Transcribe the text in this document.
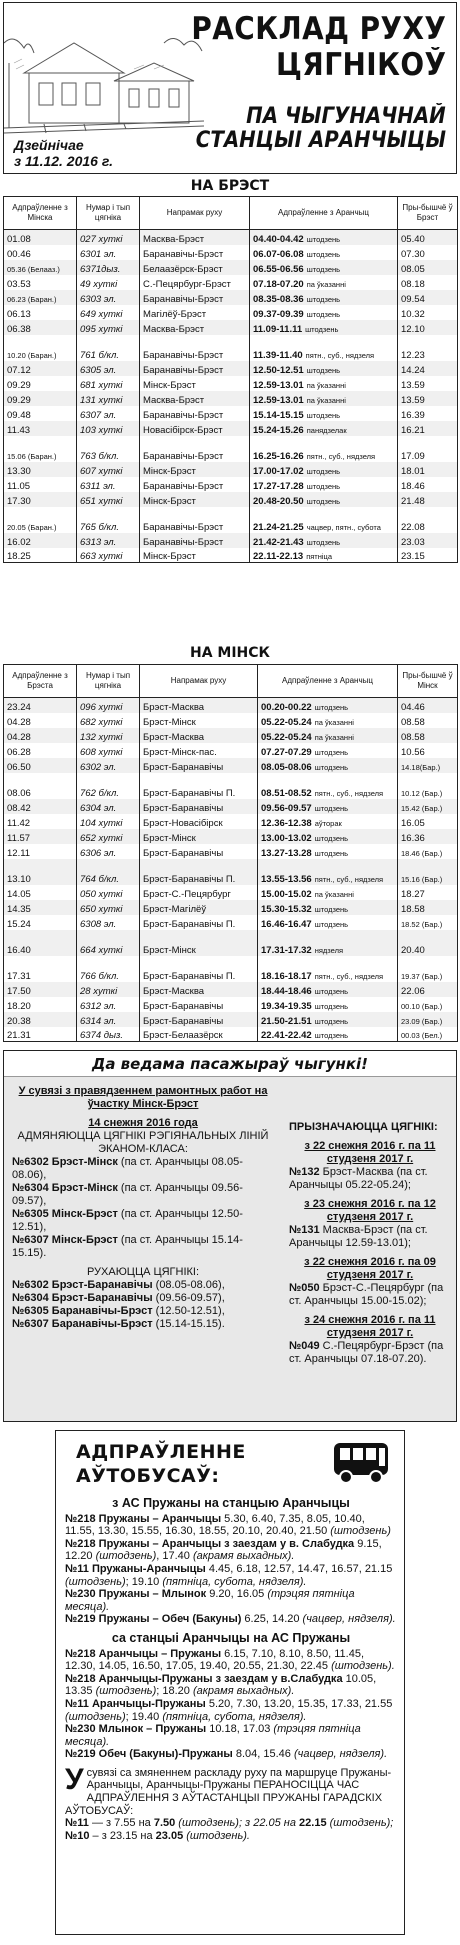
РАСКЛАД РУХУ
ЦЯГНІКОЎ
ПА ЧЫГУНАЧНАЙ
СТАНЦЫІ АРАНЧЫЦЫ
Дзейнічае
з 11.12. 2016 г.
НА БРЭСТ
Адпраўленне з Мінска	Нумар і тып цягніка	Напрамак руху	Адпраўленне з Аранчыц	Пры-бышчё ў Брэст
01.08	027 хуткі	Масква-Брэст	04.40-04.42 штодзень	05.40
00.46	6301 эл.	Баранавічы-Брэст	06.07-06.08 штодзень	07.30
05.36 (Белааз.)	6371дыз.	Белаазёрск-Брэст	06.55-06.56 штодзень	08.05
03.53	49 хуткі	С.-Пецярбург-Брэст	07.18-07.20 па ўказанні	08.18
06.23 (Баран.)	6303 эл.	Баранавічы-Брэст	08.35-08.36 штодзень	09.54
06.13	649 хуткі	Магілёў-Брэст	09.37-09.39 штодзень	10.32
06.38	095 хуткі	Масква-Брэст	11.09-11.11 штодзень	12.10
10.20 (Баран.)	761 б/кл.	Баранавічы-Брэст	11.39-11.40 пятн., суб., нядзеля	12.23
07.12	6305 эл.	Баранавічы-Брэст	12.50-12.51 штодзень	14.24
09.29	681 хуткі	Мінск-Брэст	12.59-13.01 па ўказанні	13.59
09.29	131 хуткі	Масква-Брэст	12.59-13.01 па ўказанні	13.59
09.48	6307 эл.	Баранавічы-Брэст	15.14-15.15 штодзень	16.39
11.43	103 хуткі	Новасібірск-Брэст	15.24-15.26 панядзелак	16.21
15.06 (Баран.)	763 б/кл.	Баранавічы-Брэст	16.25-16.26 пятн., суб., нядзеля	17.09
13.30	607 хуткі	Мінск-Брэст	17.00-17.02 штодзень	18.01
11.05	6311 эл.	Баранавічы-Брэст	17.27-17.28 штодзень	18.46
17.30	651 хуткі	Мінск-Брэст	20.48-20.50 штодзень	21.48
20.05 (Баран.)	765 б/кл.	Баранавічы-Брэст	21.24-21.25 чацвер, пятн., субота	22.08
16.02	6313 эл.	Баранавічы-Брэст	21.42-21.43 штодзень	23.03
18.25	663 хуткі	Мінск-Брэст	22.11-22.13 пятніца	23.15
НА МІНСК
Адпраўленне з Брэста	Нумар і тып цягніка	Напрамак руху	Адпраўленне з Аранчыц	Пры-бышчё ў Мінск
23.24	096 хуткі	Брэст-Масква	00.20-00.22 штодзень	04.46
04.28	682 хуткі	Брэст-Мінск	05.22-05.24 па ўказанні	08.58
04.28	132 хуткі	Брэст-Масква	05.22-05.24 па ўказанні	08.58
06.28	608 хуткі	Брэст-Мінск-пас.	07.27-07.29 штодзень	10.56
06.50	6302 эл.	Брэст-Баранавічы	08.05-08.06 штодзень	14.18(Бар.)
08.06	762 б/кл.	Брэст-Баранавічы П.	08.51-08.52 пятн., суб., нядзеля	10.12 (Бар.)
08.42	6304 эл.	Брэст-Баранавічы	09.56-09.57 штодзень	15.42 (Бар.)
11.42	104 хуткі	Брэст-Новасібірск	12.36-12.38 аўторак	16.05
11.57	652 хуткі	Брэст-Мінск	13.00-13.02 штодзень	16.36
12.11	6306 эл.	Брэст-Баранавічы	13.27-13.28 штодзень	18.46 (Бар.)
13.10	764 б/кл.	Брэст-Баранавічы П.	13.55-13.56 пятн., суб., нядзеля	15.16 (Бар.)
14.05	050 хуткі	Брэст-С.-Пецярбург	15.00-15.02 па ўказанні	18.27
14.35	650 хуткі	Брэст-Магілёў	15.30-15.32 штодзень	18.58
15.24	6308 эл.	Брэст-Баранавічы П.	16.46-16.47 штодзень	18.52 (Бар.)
16.40	664 хуткі	Брэст-Мінск	17.31-17.32 нядзеля	20.40
17.31	766 б/кл.	Брэст-Баранавічы П.	18.16-18.17 пятн., суб., нядзеля	19.37 (Бар.)
17.50	28 хуткі	Брэст-Масква	18.44-18.46 штодзень	22.06
18.20	6312 эл.	Брэст-Баранавічы	19.34-19.35 штодзень	00.10 (Бар.)
20.38	6314 эл.	Брэст-Баранавічы	21.50-21.51 штодзень	23.09 (Бар.)
21.31	6374 дыз.	Брэст-Белаазёрск	22.41-22.42 штодзень	00.03 (Бел.)
Да ведама пасажыраў чыгункі!
У сувязі з правядзеннем рамонтных работ на ўчастку Мінск-Брэст
14 снежня 2016 года
АДМЯНЯЮЦЦА ЦЯГНІКІ РЭГІЯНАЛЬНЫХ ЛІНІЙ ЭКАНОМ-КЛАСА:
№6302 Брэст-Мінск (па ст. Аранчыцы 08.05-08.06),
№6304 Брэст-Мінск (па ст. Аранчыцы 09.56-09.57),
№6305 Мінск-Брэст (па ст. Аранчыцы 12.50-12.51),
№6307 Мінск-Брэст (па ст. Аранчыцы 15.14-15.15).
РУХАЮЦЦА ЦЯГНІКІ:
№6302 Брэст-Баранавічы (08.05-08.06),
№6304 Брэст-Баранавічы (09.56-09.57),
№6305 Баранавічы-Брэст (12.50-12.51),
№6307 Баранавічы-Брэст (15.14-15.15).
ПРЫЗНАЧАЮЦЦА ЦЯГНІКІ:
з 22 снежня 2016 г. па 11 студзеня 2017 г.
№132 Брэст-Масква (па ст. Аранчыцы 05.22-05.24);
з 23 снежня 2016 г. па 12 студзеня 2017 г.
№131 Масква-Брэст (па ст. Аранчыцы 12.59-13.01);
з 22 снежня 2016 г. па 09 студзеня 2017 г.
№050 Брэст-С.-Пецярбург (па ст. Аранчыцы 15.00-15.02);
з 24 снежня 2016 г. па 11 студзеня 2017 г.
№049 С.-Пецярбург-Брэст (па ст. Аранчыцы 07.18-07.20).
АДПРАЎЛЕННЕ
АЎТОБУСАЎ:
з АС Пружаны на станцыю Аранчыцы

№218 Пружаны – Аранчыцы 5.30, 6.40, 7.35, 8.05, 10.40, 11.55, 13.30, 15.55, 16.30, 18.55, 20.10, 20.40, 21.50 (штодзень)

№218 Пружаны – Аранчыцы з заездам у в. Слабудка 9.15, 12.20 (штодзень), 17.40 (акрамя выхадных).

№11 Пружаны-Аранчыцы 4.45, 6.18, 12.57, 14.47, 16.57, 21.15 (штодзень); 19.10 (пятніца, субота, нядзеля).

№230 Пружаны – Млынок 9.20, 16.05 (трэцяя пятніца месяца).

№219 Пружаны – Обеч (Бакуны) 6.25, 14.20 (чацвер, нядзеля).

са станцыі Аранчыцы на АС Пружаны

№218 Аранчыцы – Пружаны 6.15, 7.10, 8.10, 8.50, 11.45, 12.30, 14.05, 16.50, 17.05, 19.40, 20.55, 21.30, 22.45 (штодзень).

№218 Аранчыцы-Пружаны з заездам у в.Слабудка 10.05, 13.35 (штодзень); 18.20 (акрамя выхадных).

№11 Аранчыцы-Пружаны 5.20, 7.30, 13.20, 15.35, 17.33, 21.55 (штодзень); 19.40 (пятніца, субота, нядзеля).

№230 Млынок – Пружаны 10.18, 17.03 (трэцяя пятніца месяца).

№219 Обеч (Бакуны)-Пружаны 8.04, 15.46 (чацвер, нядзеля).

У сувязі са змяненнем раскладу руху па маршруце Пружаны-Аранчыцы, Аранчыцы-Пружаны ПЕРАНОСІЦЦА ЧАС АДПРАЎЛЕННЯ З АЎТАСТАНЦЫІ ПРУЖАНЫ ГАРАДСКІХ АЎТОБУСАЎ:

№11 — з 7.55 на 7.50 (штодзень); з 22.05 на 22.15 (штодзень);

№10 – з 23.15 на 23.05 (штодзень).
